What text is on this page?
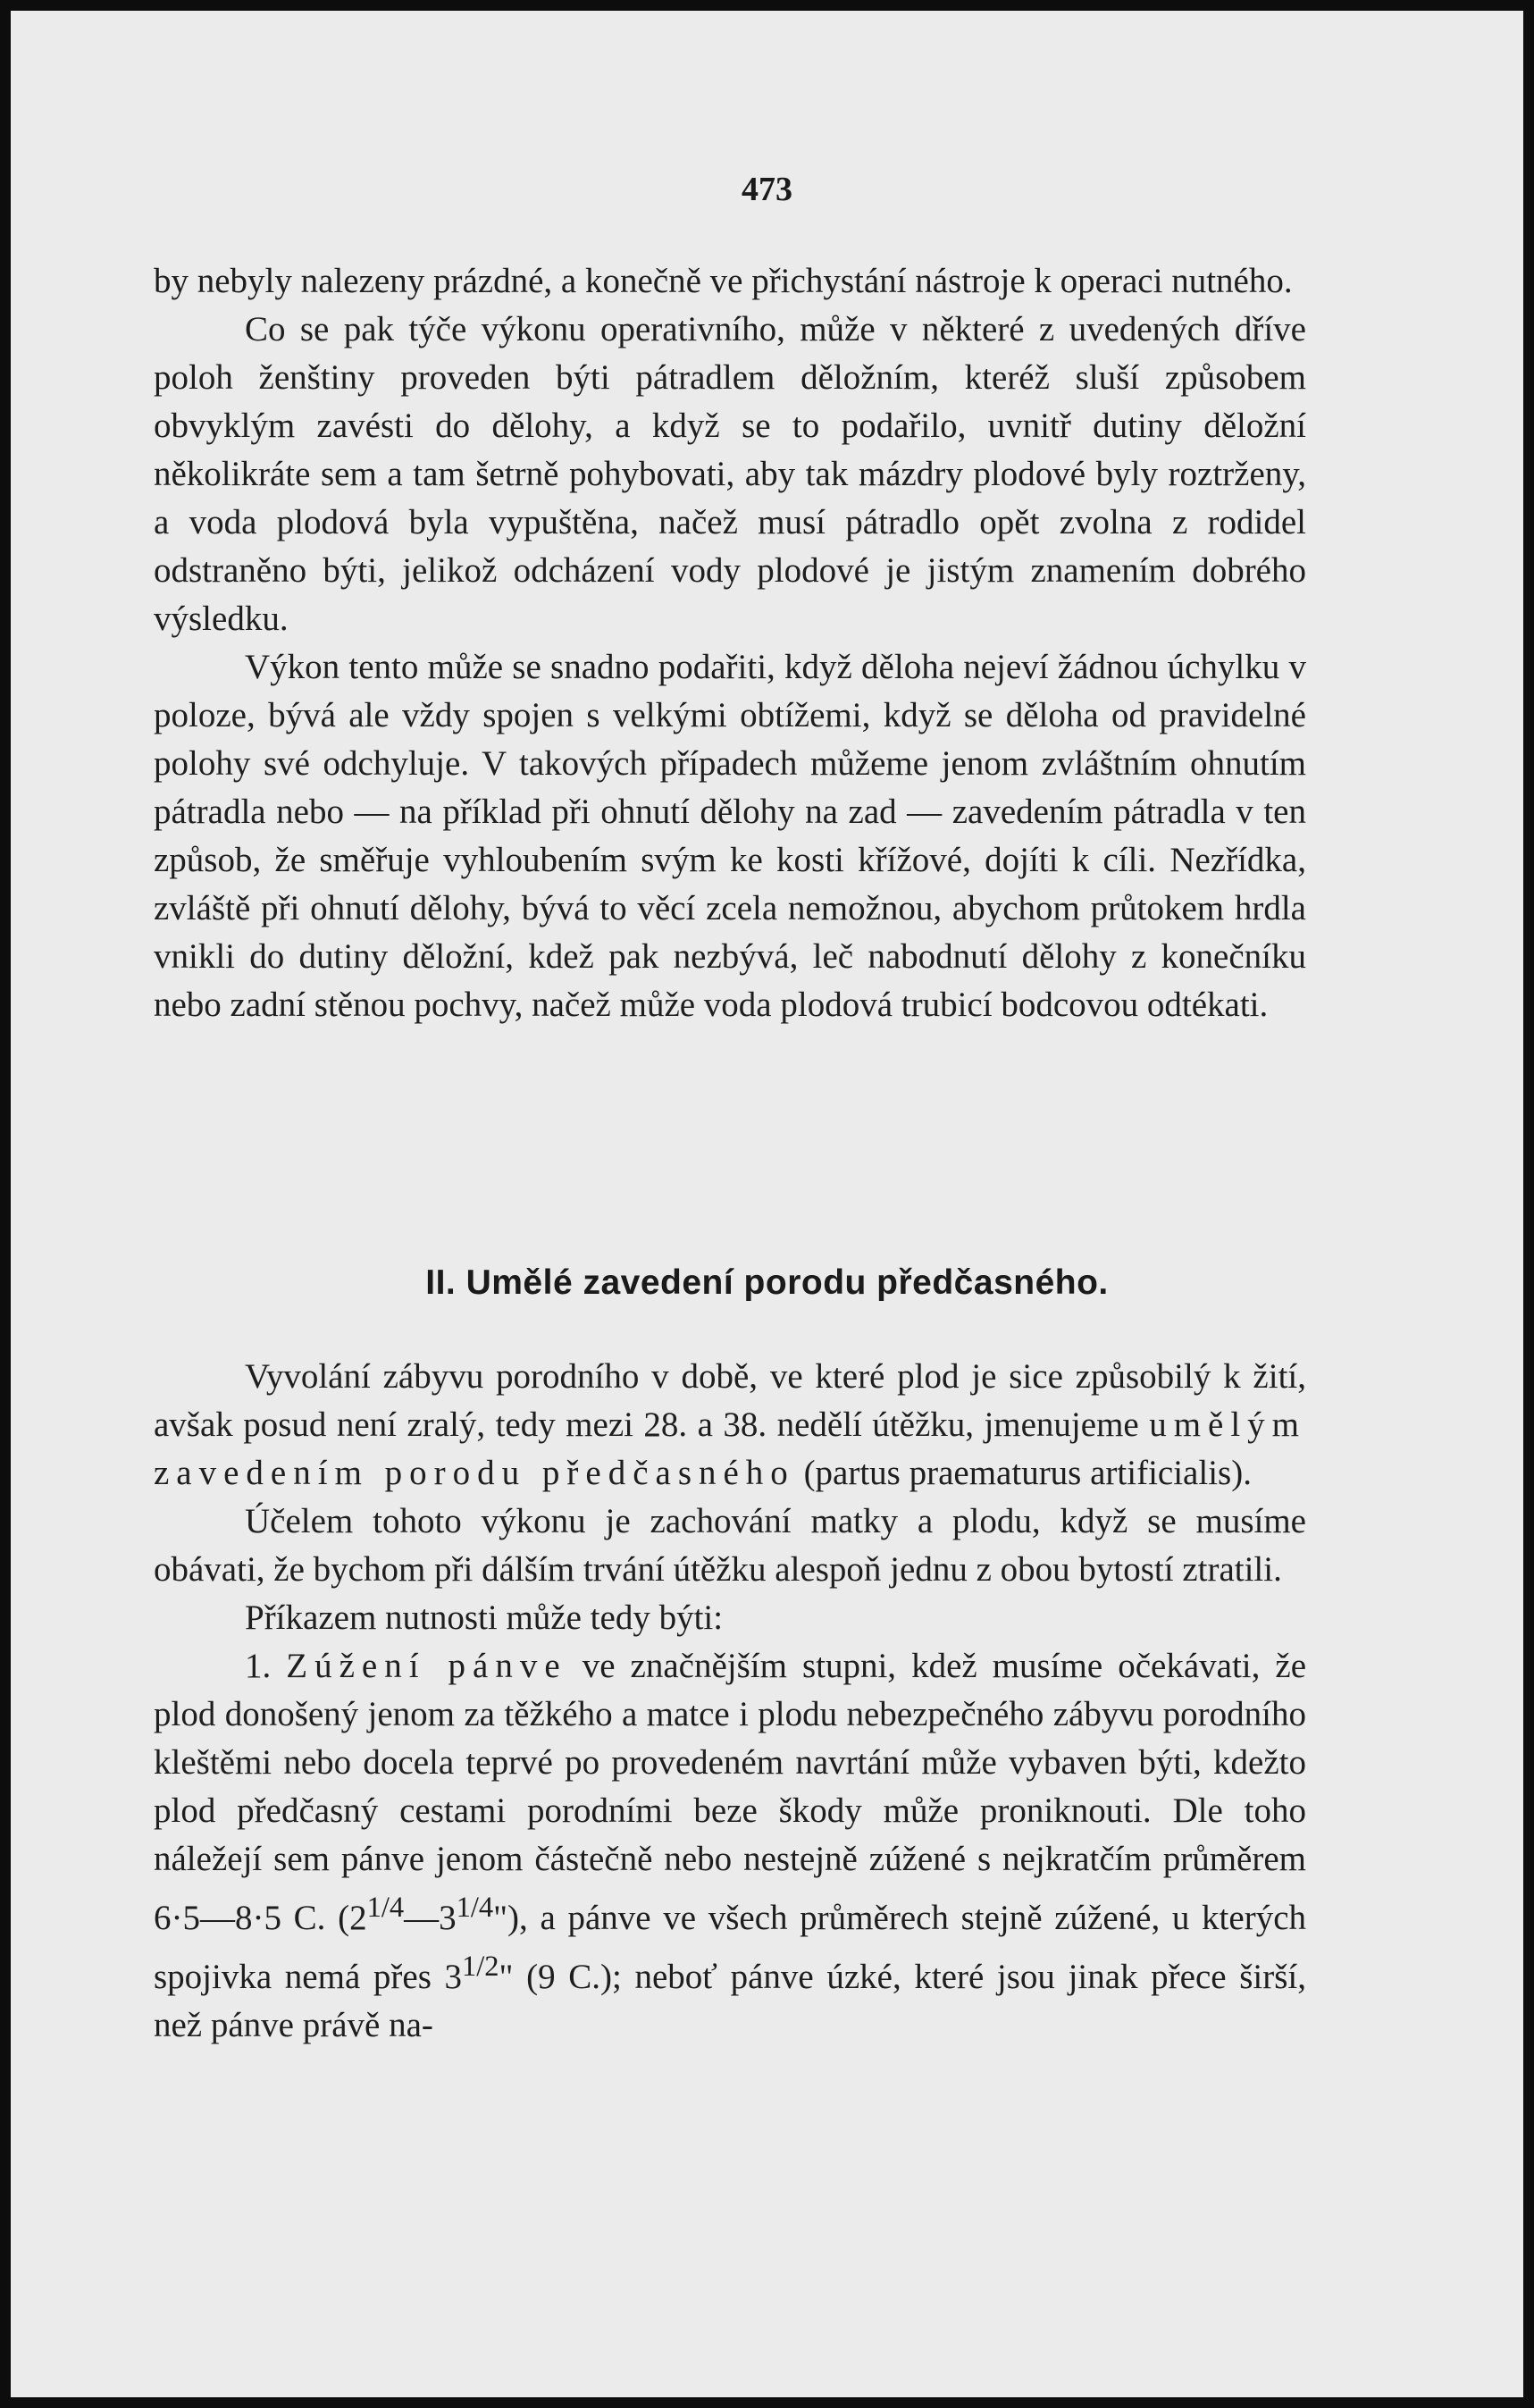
473

by nebyly nalezeny prázdné, a konečně ve přichystání nástroje k operaci nutného.

Co se pak týče výkonu operativního, může v některé z uvedených dříve poloh ženštiny proveden býti pátradlem děložním, kteréž sluší způsobem obvyklým zavésti do dělohy, a když se to podařilo, uvnitř dutiny děložní několikráte sem a tam šetrně pohybovati, aby tak mázdry plodové byly roztrženy, a voda plodová byla vypuštěna, načež musí pátradlo opět zvolna z rodidel odstraněno býti, jelikož odcházení vody plodové je jistým znamením dobrého výsledku.

Výkon tento může se snadno podařiti, když děloha nejeví žádnou úchylku v poloze, bývá ale vždy spojen s velkými obtížemi, když se děloha od pravidelné polohy své odchyluje. V takových případech můžeme jenom zvláštním ohnutím pátradla nebo — na příklad při ohnutí dělohy na zad — zavedením pátradla v ten způsob, že směřuje vyhloubením svým ke kosti křížové, dojíti k cíli. Nezřídka, zvláště při ohnutí dělohy, bývá to věcí zcela nemožnou, abychom průtokem hrdla vnikli do dutiny děložní, kdež pak nezbývá, leč nabodnutí dělohy z konečníku nebo zadní stěnou pochvy, načež může voda plodová trubicí bodcovou odtékati.

II. Umělé zavedení porodu předčasného.

Vyvolání zábyvu porodního v době, ve které plod je sice způsobilý k žití, avšak posud není zralý, tedy mezi 28. a 38. nedělí útěžku, jmenujeme umělým zavedením porodu předčasného (partus praematurus artificialis).

Účelem tohoto výkonu je zachování matky a plodu, když se musíme obávati, že bychom při dálším trvání útěžku alespoň jednu z obou bytostí ztratili.

Příkazem nutnosti může tedy býti:

1. Zúžení pánve ve značnějším stupni, kdež musíme očekávati, že plod donošený jenom za těžkého a matce i plodu nebezpečného zábyvu porodního kleštěmi nebo docela teprvé po provedeném navrtání může vybaven býti, kdežto plod předčasný cestami porodními beze škody může proniknouti. Dle toho náležejí sem pánve jenom částečně nebo nestejně zúžené s nejkratčím průměrem 6·5—8·5 C. $(2^{1/4}—3^{1/4}")$, a pánve ve všech průměrech stejně zúžené, u kterých spojivka nemá přes $3^{1/2}$" (9 C.); neboť pánve úzké, které jsou jinak přece širší, než pánve právě na-
